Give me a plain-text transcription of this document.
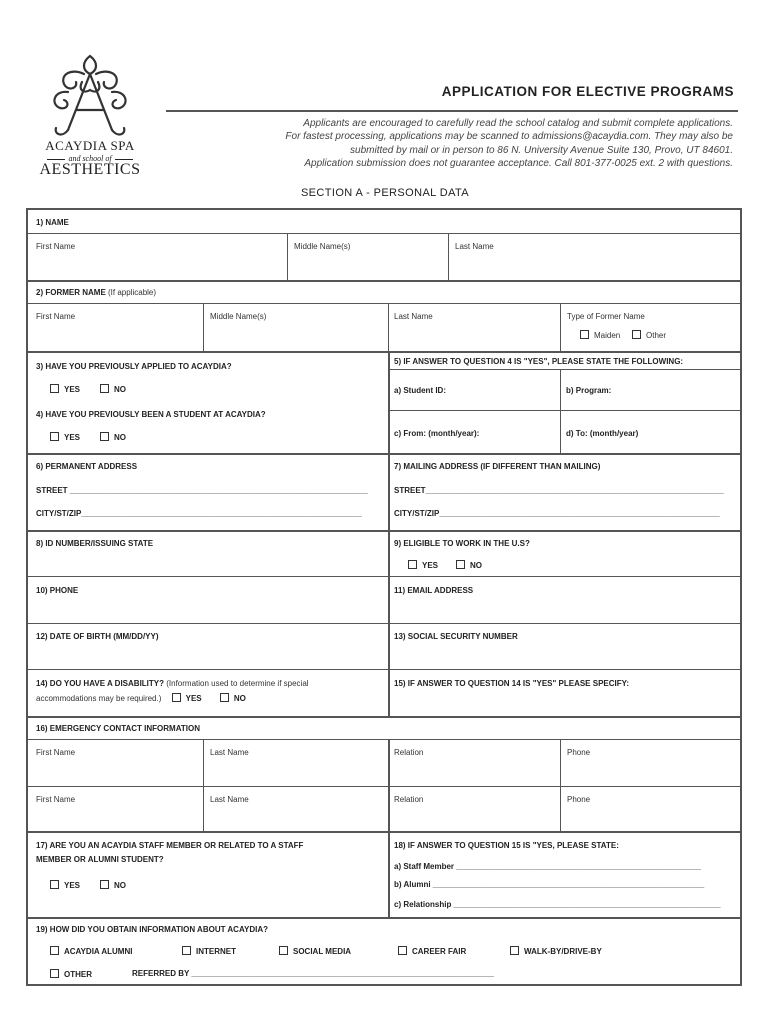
ACAYDIA SPA
and school of
AESTHETICS
APPLICATION FOR ELECTIVE PROGRAMS
Applicants are encouraged to carefully read the school catalog and submit complete applications.
For fastest processing, applications may be scanned to admissions@acaydia.com. They may also be
submitted by mail or in person to 86 N. University Avenue Suite 130, Provo, UT 84601.
Application submission does not guarantee acceptance. Call 801-377-0025 ext. 2 with questions.
SECTION A - PERSONAL DATA
1) NAME
First Name	Middle Name(s)	Last Name
2) FORMER NAME (If applicable)
First Name	Middle Name(s)	Last Name	Type of Former Name
Maiden	Other
3) HAVE YOU PREVIOUSLY APPLIED TO ACAYDIA?
YES	NO
4) HAVE YOU PREVIOUSLY BEEN A STUDENT AT ACAYDIA?
YES	NO
5) IF ANSWER TO QUESTION 4 IS "YES", PLEASE STATE THE FOLLOWING:
a) Student ID:	b) Program:
c) From: (month/year):	d) To: (month/year)
6) PERMANENT ADDRESS
STREET ___________________________________________________________________
CITY/ST/ZIP_______________________________________________________________
7) MAILING ADDRESS (IF DIFFERENT THAN MAILING)
STREET___________________________________________________________________
CITY/ST/ZIP_______________________________________________________________
8) ID NUMBER/ISSUING STATE	9) ELIGIBLE TO WORK IN THE U.S?
YES	NO
10) PHONE	11) EMAIL ADDRESS
12) DATE OF BIRTH (MM/DD/YY)	13) SOCIAL SECURITY NUMBER
14) DO YOU HAVE A DISABILITY? (Information used to determine if special
accommodations may be required.)	YES	NO
15) IF ANSWER TO QUESTION 14 IS "YES" PLEASE SPECIFY:
16) EMERGENCY CONTACT INFORMATION
First Name	Last Name	Relation	Phone
First Name	Last Name	Relation	Phone
17) ARE YOU AN ACAYDIA STAFF MEMBER OR RELATED TO A STAFF
MEMBER OR ALUMNI STUDENT?
YES	NO
18) IF ANSWER TO QUESTION 15 IS "YES, PLEASE STATE:
a) Staff Member _______________________________________________________
b) Alumni _____________________________________________________________
c) Relationship ____________________________________________________________
19) HOW DID YOU OBTAIN INFORMATION ABOUT ACAYDIA?
ACAYDIA ALUMNI	INTERNET	SOCIAL MEDIA	CAREER FAIR	WALK-BY/DRIVE-BY
OTHER	REFERRED BY ____________________________________________________________________
